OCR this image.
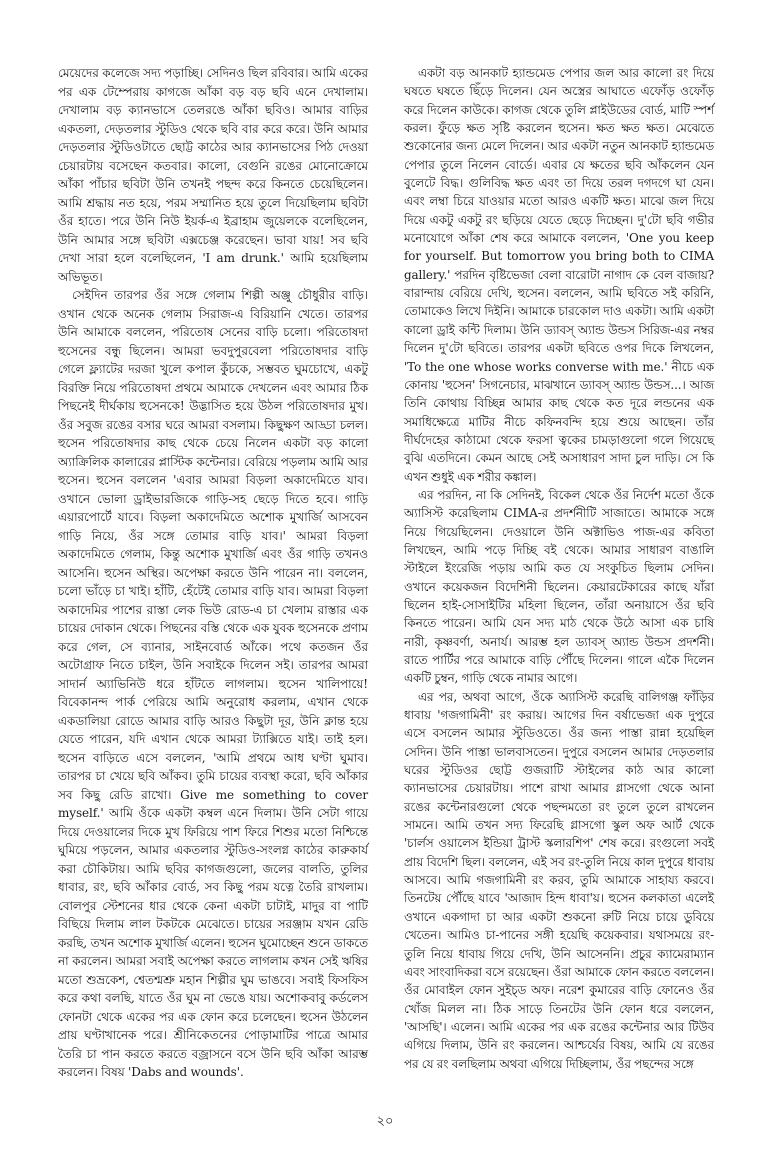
মেয়েদের কলেজে সদ্য পড়াচ্ছি। সেদিনও ছিল রবিবার। আমি একের পর এক টেম্পেরায় কাগজে আঁকা বড় বড় ছবি এনে দেখালাম। দেখালাম বড় ক্যানভাসে তেলরঙে আঁকা ছবিও। আমার বাড়ির একতলা, দেড়তলার স্টুডিও থেকে ছবি বার করে করে। উনি আমার দেড়তলার স্টুডিওটাতে ছোট্ট কাঠের আর ক্যানভাসের পিঠ দেওয়া চেয়ারটায় বসেছেন কতবার। কালো, বেগুনি রঙের মোনোক্রোমে আঁকা পাঁচার ছবিটা উনি তখনই পছন্দ করে কিনতে চেয়েছিলেন। আমি শ্রদ্ধায় নত হয়ে, পরম সম্মানিত হয়ে তুলে দিয়েছিলাম ছবিটা ওঁর হাতে। পরে উনি নিউ ইয়র্ক-এ ইব্রাহাম জুয়েলকে বলেছিলেন, উনি আমার সঙ্গে ছবিটা এক্সচেঞ্জ করেছেন। ভাবা যায়! সব ছবি দেখা সারা হলে বলেছিলেন, 'I am drunk.' আমি হয়েছিলাম অভিভূত।

সেইদিন তারপর ওঁর সঙ্গে গেলাম শিল্পী অঞ্জু চৌধুরীর বাড়ি। ওখান থেকে অনেক গেলাম সিরাজ-এ বিরিয়ানি খেতে। তারপর উনি আমাকে বললেন, পরিতোষ সেনের বাড়ি চলো। পরিতোষদা হুসেনের বন্ধু ছিলেন। আমরা ভবদুপুরবেলা পরিতোষদার বাড়ি গেলে ফ্ল্যাটের দরজা খুলে কপাল কুঁচকে, সম্ভবত ঘুমচোখে, একটু বিরক্তি নিয়ে পরিতোষদা প্রথমে আমাকে দেখলেন এবং আমার ঠিক পিছনেই দীর্ঘকায় হুসেনকে! উদ্ভাসিত হয়ে উঠল পরিতোষদার মুখ। ওঁর সবুজ রঙের বসার ঘরে আমরা বসলাম। কিছুক্ষণ আড্ডা চলল। হুসেন পরিতোষদার কাছ থেকে চেয়ে নিলেন একটা বড় কালো অ্যাক্রিলিক কালারের প্লাস্টিক কন্টেনার। বেরিয়ে পড়লাম আমি আর হুসেন। হুসেন বললেন 'এবার আমরা বিড়লা অকাদেমিতে যাব। ওখানে ভোলা ড্রাইভারজিকে গাড়ি-সহ ছেড়ে দিতে হবে। গাড়ি এয়ারপোর্টে যাবে। বিড়লা অকাদেমিতে অশোক মুখার্জি আসবেন গাড়ি নিয়ে, ওঁর সঙ্গে তোমার বাড়ি যাব।' আমরা বিড়লা অকাদেমিতে গেলাম, কিন্তু অশোক মুখার্জি এবং ওঁর গাড়ি তখনও আসেনি। হুসেন অস্থির। অপেক্ষা করতে উনি পারেন না। বললেন, চলো ভাঁড়ে চা খাই। হাঁটি, হেঁটেই তোমার বাড়ি যাব। আমরা বিড়লা অকাদেমির পাশের রাস্তা লেক ভিউ রোড-এ চা খেলাম রাস্তার এক চায়ের দোকান থেকে। পিছনের বস্তি থেকে এক যুবক হুসেনকে প্রণাম করে গেল, সে ব্যানার, সাইনবোর্ড আঁকে। পথে কতজন ওঁর অটোগ্রাফ নিতে চাইল, উনি সবাইকে দিলেন সই। তারপর আমরা সাদার্ন অ্যাভিনিউ ধরে হাঁটতে লাগলাম। হুসেন খালিপায়ে! বিবেকানন্দ পার্ক পেরিয়ে আমি অনুরোধ করলাম, এখান থেকে একডালিয়া রোডে আমার বাড়ি আরও কিছুটা দূর, উনি ক্লান্ত হয়ে যেতে পারেন, যদি এখান থেকে আমরা ট্যাক্সিতে যাই। তাই হল। হুসেন বাড়িতে এসে বললেন, 'আমি প্রথমে আধ ঘণ্টা ঘুমাব। তারপর চা খেয়ে ছবি আঁকব। তুমি চায়ের ব্যবস্থা করো, ছবি আঁকার সব কিছু রেডি রাখো। Give me something to cover myself.' আমি ওঁকে একটা কম্বল এনে দিলাম। উনি সেটা গায়ে দিয়ে দেওয়ালের দিকে মুখ ফিরিয়ে পাশ ফিরে শিশুর মতো নিশ্চিন্তে ঘুমিয়ে পড়লেন, আমার একতলার স্টুডিও-সংলগ্ন কাঠের কারুকার্য করা চৌকিটায়। আমি ছবির কাগজগুলো, জলের বালতি, তুলির ধাবার, রং, ছবি আঁকার বোর্ড, সব কিছু পরম যত্নে তৈরি রাখলাম। বোলপুর স্টেশনের ধার থেকে কেনা একটা চাটাই, মাদুর বা পাটি বিছিয়ে দিলাম লাল টকটকে মেঝেতে। চায়ের সরঞ্জাম যখন রেডি করছি, তখন অশোক মুখার্জি এলেন। হুসেন ঘুমোচ্ছেন শুনে ডাকতে না করলেন। আমরা সবাই অপেক্ষা করতে লাগলাম কখন সেই ঋষির মতো শুভ্রকেশ, শ্বেতশ্মশ্রু মহান শিল্পীর ঘুম ভাঙবে। সবাই ফিসফিস করে কথা বলছি, যাতে ওঁর ঘুম না ভেঙে যায়। অশোকবাবু কর্ডলেস ফোনটা থেকে একের পর এক ফোন করে চলেছেন। হুসেন উঠলেন প্রায় ঘণ্টাখানেক পরে। শ্রীনিকেতনের পোড়ামাটির পাত্রে আমার তৈরি চা পান করতে করতে বজ্রাসনে বসে উনি ছবি আঁকা আরম্ভ করলেন। বিষয় 'Dabs and wounds'.

একটা বড় আনকাট হ্যান্ডমেড পেপার জল আর কালো রং দিয়ে ঘষতে ঘষতে ছিঁড়ে দিলেন। যেন অস্ত্রের আঘাতে এফোঁড় ওফোঁড় করে দিলেন কাউকে। কাগজ থেকে তুলি প্লাইউডের বোর্ড, মাটি স্পর্শ করল। ফুঁড়ে ক্ষত সৃষ্টি করলেন হুসেন। ক্ষত ক্ষত ক্ষত। মেঝেতে শুকোনোর জন্য মেলে দিলেন। আর একটা নতুন আনকাট হ্যান্ডমেড পেপার তুলে নিলেন বোর্ডে। এবার যে ক্ষতের ছবি আঁকলেন যেন বুলেটে বিদ্ধ। গুলিবিদ্ধ ক্ষত এবং তা দিয়ে তরল দগদগে ঘা যেন। এবং লম্বা চিরে যাওয়ার মতো আরও একটি ক্ষত। মাঝে জল দিয়ে দিয়ে একটু একটু রং ছড়িয়ে যেতে ছেড়ে দিচ্ছেন। দু'টো ছবি গভীর মনোযোগে আঁকা শেষ করে আমাকে বললেন, 'One you keep for yourself. But tomorrow you bring both to CIMA gallery.' পরদিন বৃষ্টিভেজা বেলা বারোটা নাগাদ কে বেল বাজায়? বারান্দায় বেরিয়ে দেখি, হুসেন। বললেন, আমি ছবিতে সই করিনি, তোমাকেও লিখে দিইনি। আমাকে চারকোল দাও একটা। আমি একটা কালো ড্রাই কন্টি দিলাম। উনি ড্যাবস্ অ্যান্ড উন্ডস সিরিজ-এর নম্বর দিলেন দু'টো ছবিতে। তারপর একটা ছবিতে ওপর দিকে লিখলেন, 'To the one whose works converse with me.' নীচে এক কোনায় 'হুসেন' সিগনেচার, মাঝখানে ড্যাবস্ অ্যান্ড উন্ডস...। আজ তিনি কোথায় বিচ্ছিন্ন আমার কাছ থেকে কত দূরে লন্ডনের এক সমাধিক্ষেত্রে মাটির নীচে কফিনবন্দি হয়ে শুয়ে আছেন। তাঁর দীর্ঘদেহের কাঠামো থেকে ফরসা ত্বকের চামড়াগুলো গলে গিয়েছে বুঝি এতদিনে। কেমন আছে সেই অসাধারণ সাদা চুল দাড়ি। সে কি এখন শুধুই এক শরীর কঙ্কাল।

এর পরদিন, না কি সেদিনই, বিকেল থেকে ওঁর নির্দেশ মতো ওঁকে অ্যাসিস্ট করেছিলাম CIMA-র প্রদর্শনীটি সাজাতে। আমাকে সঙ্গে নিয়ে গিয়েছিলেন। দেওয়ালে উনি অক্টাভিও পাজ-এর কবিতা লিখছেন, আমি পড়ে দিচ্ছি বই থেকে। আমার সাধারণ বাঙালি স্টাইলে ইংরেজি পড়ায় আমি কত যে সংকুচিত ছিলাম সেদিন। ওখানে কয়েকজন বিদেশিনী ছিলেন। কেয়ারটেকারের কাছে যাঁরা ছিলেন হাই-সোসাইটির মহিলা ছিলেন, তাঁরা অনায়াসে ওঁর ছবি কিনতে পারেন। আমি যেন সদ্য মাঠ থেকে উঠে আসা এক চাষি নারী, কৃষ্ণবর্ণা, অনার্য। আরম্ভ হল ড্যাবস্ অ্যান্ড উন্ডস প্রদর্শনী। রাতে পার্টির পরে আমাকে বাড়ি পৌঁছে দিলেন। গালে একৈ দিলেন একটি চুম্বন, গাড়ি থেকে নামার আগে।

এর পর, অথবা আগে, ওঁকে অ্যাসিস্ট করেছি বালিগঞ্জ ফাঁড়ির ধাবায় 'গজগামিনী' রং করায়। আগের দিন বর্ষাভেজা এক দুপুরে এসে বসলেন আমার স্টুডিওতে। ওঁর জন্য পাস্তা রান্না হয়েছিল সেদিন। উনি পাস্তা ভালবাসতেন। দুপুরে বসলেন আমার দেড়তলার ঘরের স্টুডিওর ছোট্ট গুজরাটি স্টাইলের কাঠ আর কালো ক্যানভাসের চেয়ারটায়। পাশে রাখা আমার গ্লাসগো থেকে আনা রঙের কন্টেনারগুলো থেকে পছন্দমতো রং তুলে তুলে রাখলেন সামনে। আমি তখন সদ্য ফিরেছি গ্লাসগো স্কুল অফ আর্ট থেকে 'চার্লস ওয়ালেস ইন্ডিয়া ট্রাস্ট স্কলারশিপ' শেষ করে। রংগুলো সবই প্রায় বিদেশি ছিল। বললেন, এই সব রং-তুলি নিয়ে কাল দুপুরে ধাবায় আসবে। আমি গজগামিনী রং করব, তুমি আমাকে সাহায্য করবে। তিনটেয় পৌঁছে যাবে 'আজাদ হিন্দ ধাবা'য়। হুসেন কলকাতা এলেই ওখানে একগাদা চা আর একটা শুকনো রুটি নিয়ে চায়ে ডুবিয়ে খেতেন। আমিও চা-পানের সঙ্গী হয়েছি কয়েকবার। যথাসময়ে রং-তুলি নিয়ে ধাবায় গিয়ে দেখি, উনি আসেননি। প্রচুর ক্যামেরাম্যান এবং সাংবাদিকরা বসে রয়েছেন। ওঁরা আমাকে ফোন করতে বললেন। ওঁর মোবাইল ফোন সুইচ্‌ড অফ। নরেশ কুমারের বাড়ি ফোনেও ওঁর খোঁজ মিলল না। ঠিক সাড়ে তিনটের উনি ফোন ধরে বললেন, 'আসছি'। এলেন। আমি একের পর এক রঙের কন্টেনার আর টিউব এগিয়ে দিলাম, উনি রং করলেন। আশ্চর্যের বিষয়, আমি যে রঙের পর যে রং বলছিলাম অথবা এগিয়ে দিচ্ছিলাম, ওঁর পছন্দের সঙ্গে

২০
